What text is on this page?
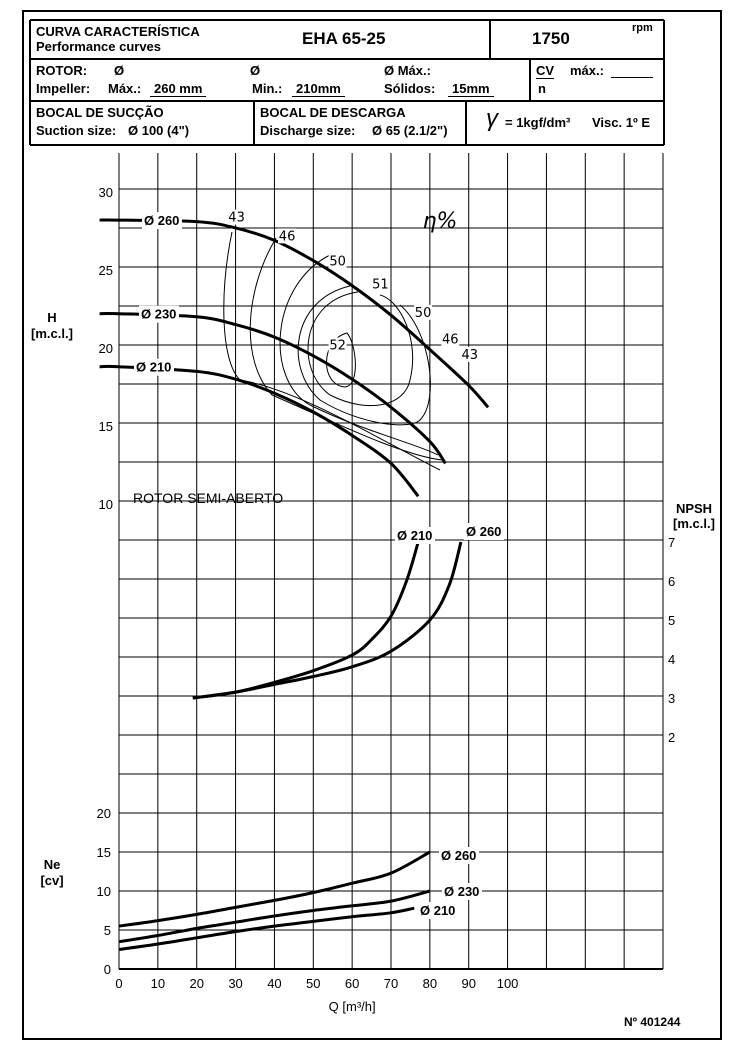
CURVA CARACTERÍSTICA
Performance curves	EHA 65-25	1750
rpm
ROTOR: Ø	Ø	Ø Máx.:
Impeller: Máx.: 260 mm	Min.:	210mm	Sólidos:	15mm
CV máx.:
n
BOCAL DE SUCÇÃO
Suction size: Ø 100 (4")
BOCAL DE DESCARGA
Discharge size: Ø 65 (2.1/2") γ = 1kgf/dm³ Visc. 1º E
Nº 401244
0 10 20 30 40 50 60 70 80 90 100
Q [m³/h]
10
15
20
25
30
H
[m.c.l.]
0
5
10
15
20
Ne
[cv]
2
3
4
5
6
7
NPSH
[m.c.l.]
Ø 260
Ø 230
Ø 210
Ø 210	Ø 260
Ø 260
Ø 230
Ø 210
43
46
50
51
50
46
43
52
η%
ROTOR SEMI-ABERTO
